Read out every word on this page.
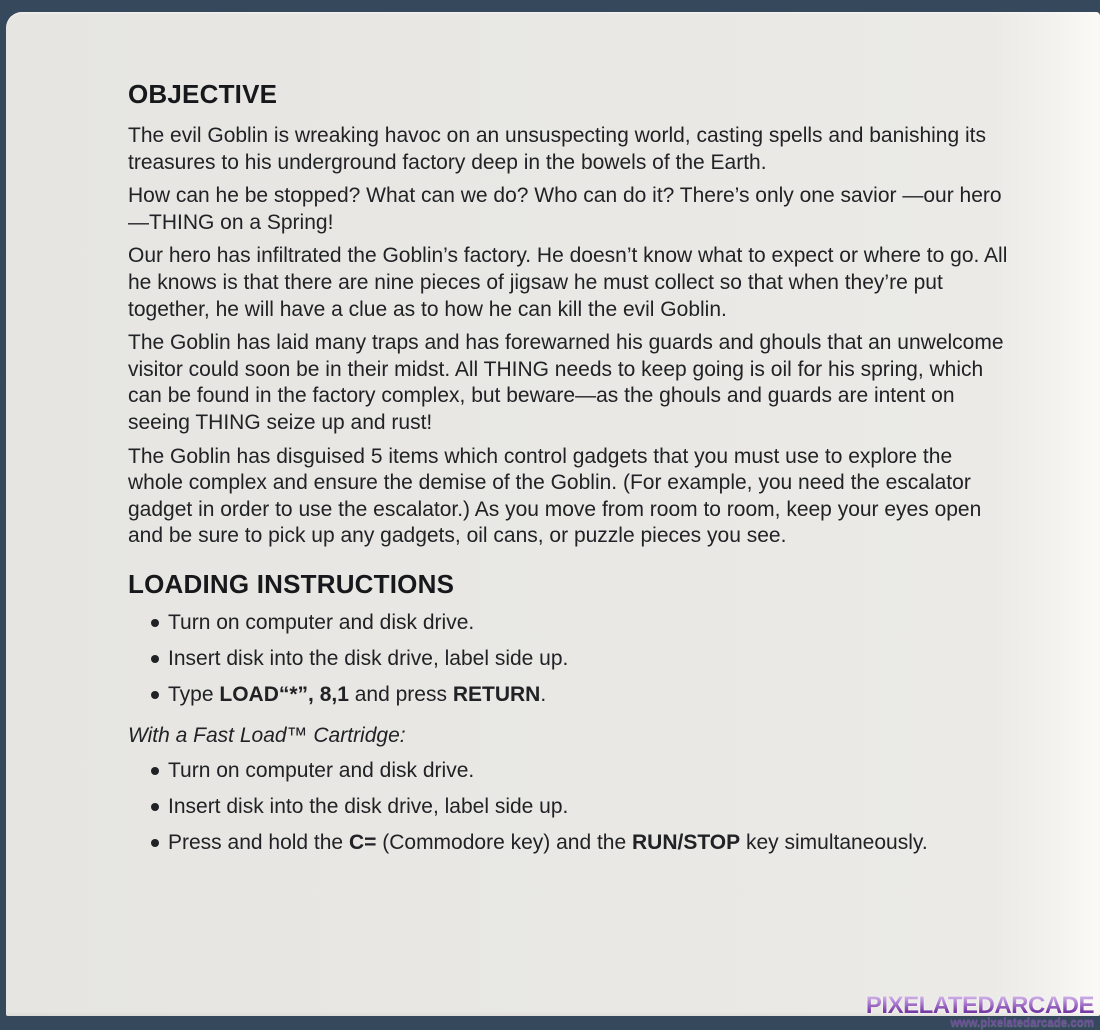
OBJECTIVE

The evil Goblin is wreaking havoc on an unsuspecting world, casting spells and banishing its treasures to his underground factory deep in the bowels of the Earth.

How can he be stopped? What can we do? Who can do it? There’s only one savior —our hero—THING on a Spring!

Our hero has infiltrated the Goblin’s factory. He doesn’t know what to expect or where to go. All he knows is that there are nine pieces of jigsaw he must collect so that when they’re put together, he will have a clue as to how he can kill the evil Goblin.

The Goblin has laid many traps and has forewarned his guards and ghouls that an unwelcome visitor could soon be in their midst. All THING needs to keep going is oil for his spring, which can be found in the factory complex, but beware—as the ghouls and guards are intent on seeing THING seize up and rust!

The Goblin has disguised 5 items which control gadgets that you must use to explore the whole complex and ensure the demise of the Goblin. (For example, you need the escalator gadget in order to use the escalator.) As you move from room to room, keep your eyes open and be sure to pick up any gadgets, oil cans, or puzzle pieces you see.

LOADING INSTRUCTIONS
Turn on computer and disk drive.
Insert disk into the disk drive, label side up.
Type LOAD“*”, 8,1 and press RETURN.

With a Fast Load™ Cartridge:

Turn on computer and disk drive.
Insert disk into the disk drive, label side up.
Press and hold the C= (Commodore key) and the RUN/STOP key simultaneously.
PIXELATEDARCADE
www.pixelatedarcade.com
